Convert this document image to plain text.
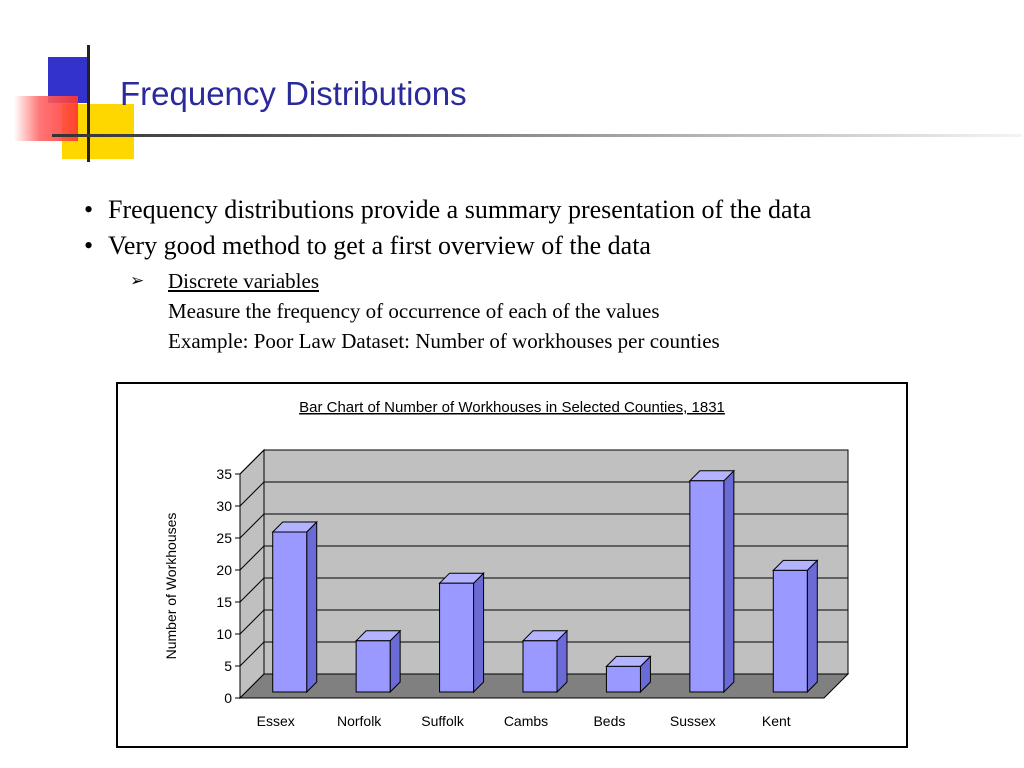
Frequency Distributions
• Frequency distributions provide a summary presentation of the data
• Very good method to get a first overview of the data
➢ Discrete variables
Measure the frequency of occurrence of each of the values
Example: Poor Law Dataset: Number of workhouses per counties
Bar Chart of Number of Workhouses in Selected Counties, 1831
0
5
10
15
20
25
30
35
Number of Workhouses
Essex	Norfolk	Suffolk	Cambs	Beds	Sussex	Kent
